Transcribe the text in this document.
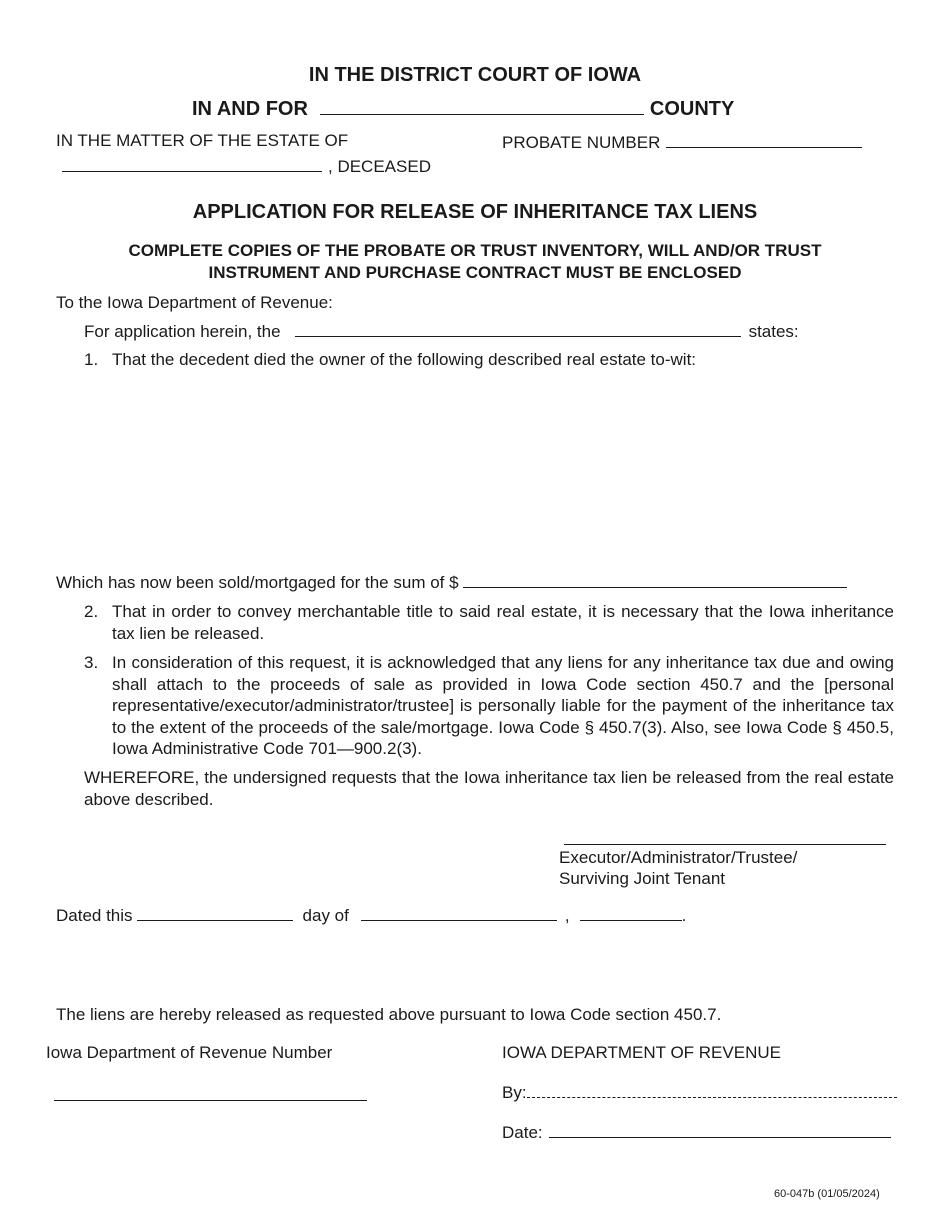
IN THE DISTRICT COURT OF IOWA
IN AND FOR	COUNTY
IN THE MATTER OF THE ESTATE OF	PROBATE NUMBER
, DECEASED
APPLICATION FOR RELEASE OF INHERITANCE TAX LIENS
COMPLETE COPIES OF THE PROBATE OR TRUST INVENTORY, WILL AND/OR TRUST
INSTRUMENT AND PURCHASE CONTRACT MUST BE ENCLOSED
To the Iowa Department of Revenue:
For application herein, the	states:
1. That the decedent died the owner of the following described real estate to-wit:
Which has now been sold/mortgaged for the sum of $
2. That in order to convey merchantable title to said real estate, it is necessary that the Iowa inheritance tax lien be released.
3. In consideration of this request, it is acknowledged that any liens for any inheritance tax due and owing shall attach to the proceeds of sale as provided in Iowa Code section 450.7 and the [personal representative/executor/administrator/trustee] is personally liable for the payment of the inheritance tax to the extent of the proceeds of the sale/mortgage. Iowa Code § 450.7(3). Also, see Iowa Code § 450.5, Iowa Administrative Code 701—900.2(3).
WHEREFORE, the undersigned requests that the Iowa inheritance tax lien be released from the real estate above described.
Executor/Administrator/Trustee/
Surviving Joint Tenant
Dated this	day of	,	.
The liens are hereby released as requested above pursuant to Iowa Code section 450.7.
Iowa Department of Revenue Number	IOWA DEPARTMENT OF REVENUE
By:
Date:
60-047b (01/05/2024)
